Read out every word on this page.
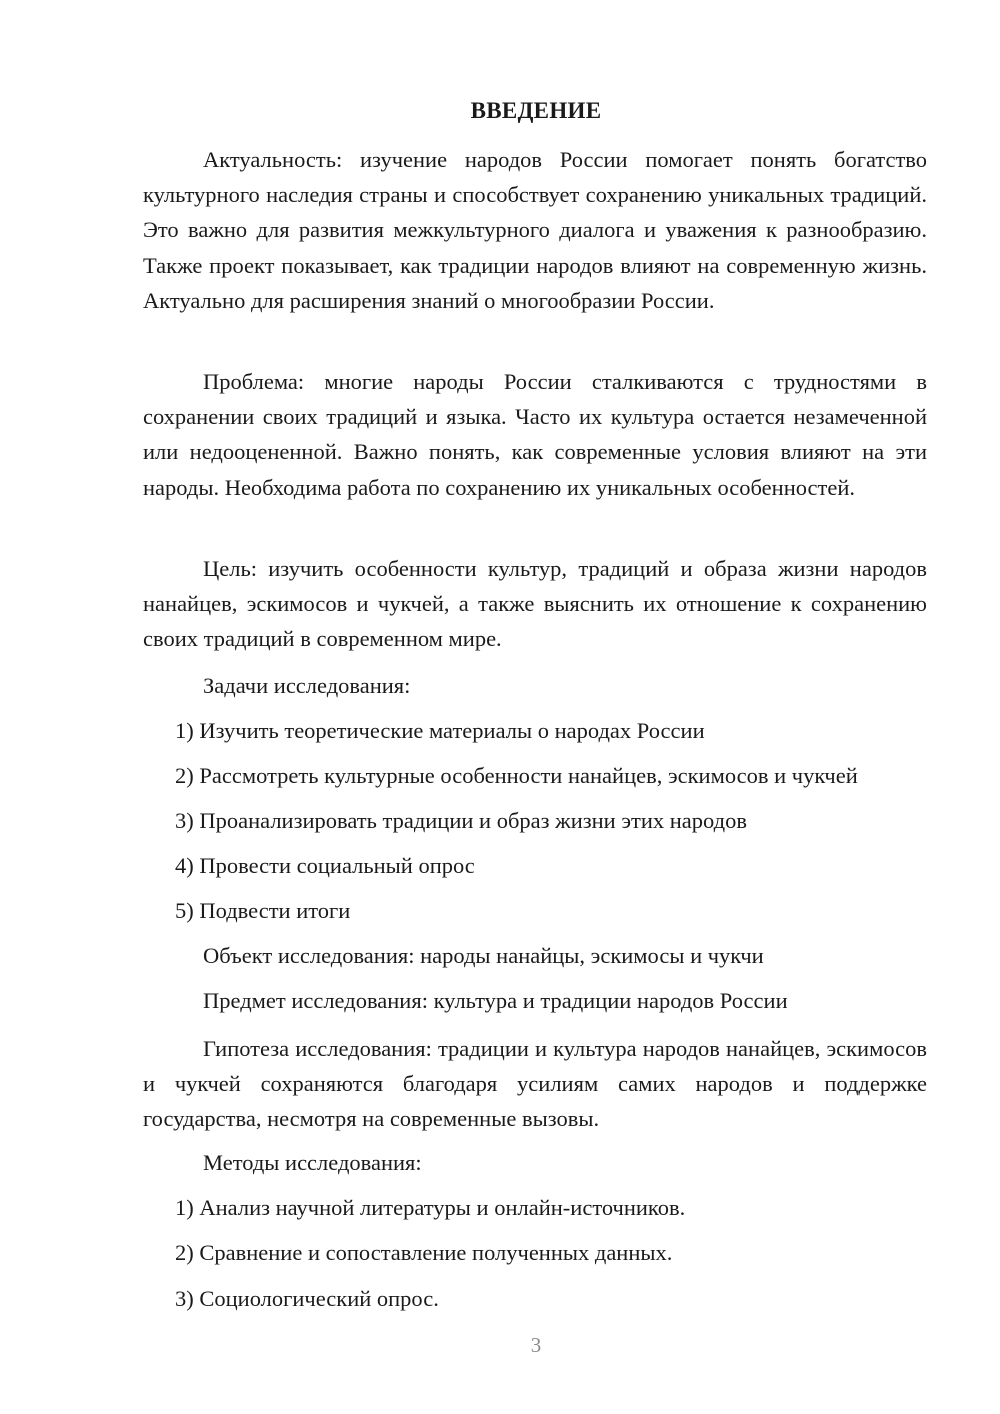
ВВЕДЕНИЕ

Актуальность: изучение народов России помогает понять богатство культурного наследия страны и способствует сохранению уникальных традиций. Это важно для развития межкультурного диалога и уважения к разнообразию. Также проект показывает, как традиции народов влияют на современную жизнь. Актуально для расширения знаний о многообразии России.

Проблема: многие народы России сталкиваются с трудностями в сохранении своих традиций и языка. Часто их культура остается незамеченной или недооцененной. Важно понять, как современные условия влияют на эти народы. Необходима работа по сохранению их уникальных особенностей.

Цель: изучить особенности культур, традиций и образа жизни народов нанайцев, эскимосов и чукчей, а также выяснить их отношение к сохранению своих традиций в современном мире.

Задачи исследования:
1) Изучить теоретические материалы о народах России
2) Рассмотреть культурные особенности нанайцев, эскимосов и чукчей
3) Проанализировать традиции и образ жизни этих народов
4) Провести социальный опрос
5) Подвести итоги
Объект исследования: народы нанайцы, эскимосы и чукчи
Предмет исследования: культура и традиции народов России

Гипотеза исследования: традиции и культура народов нанайцев, эскимосов и чукчей сохраняются благодаря усилиям самих народов и поддержке государства, несмотря на современные вызовы.

Методы исследования:
1) Анализ научной литературы и онлайн-источников.
2) Сравнение и сопоставление полученных данных.
3) Социологический опрос.
3
